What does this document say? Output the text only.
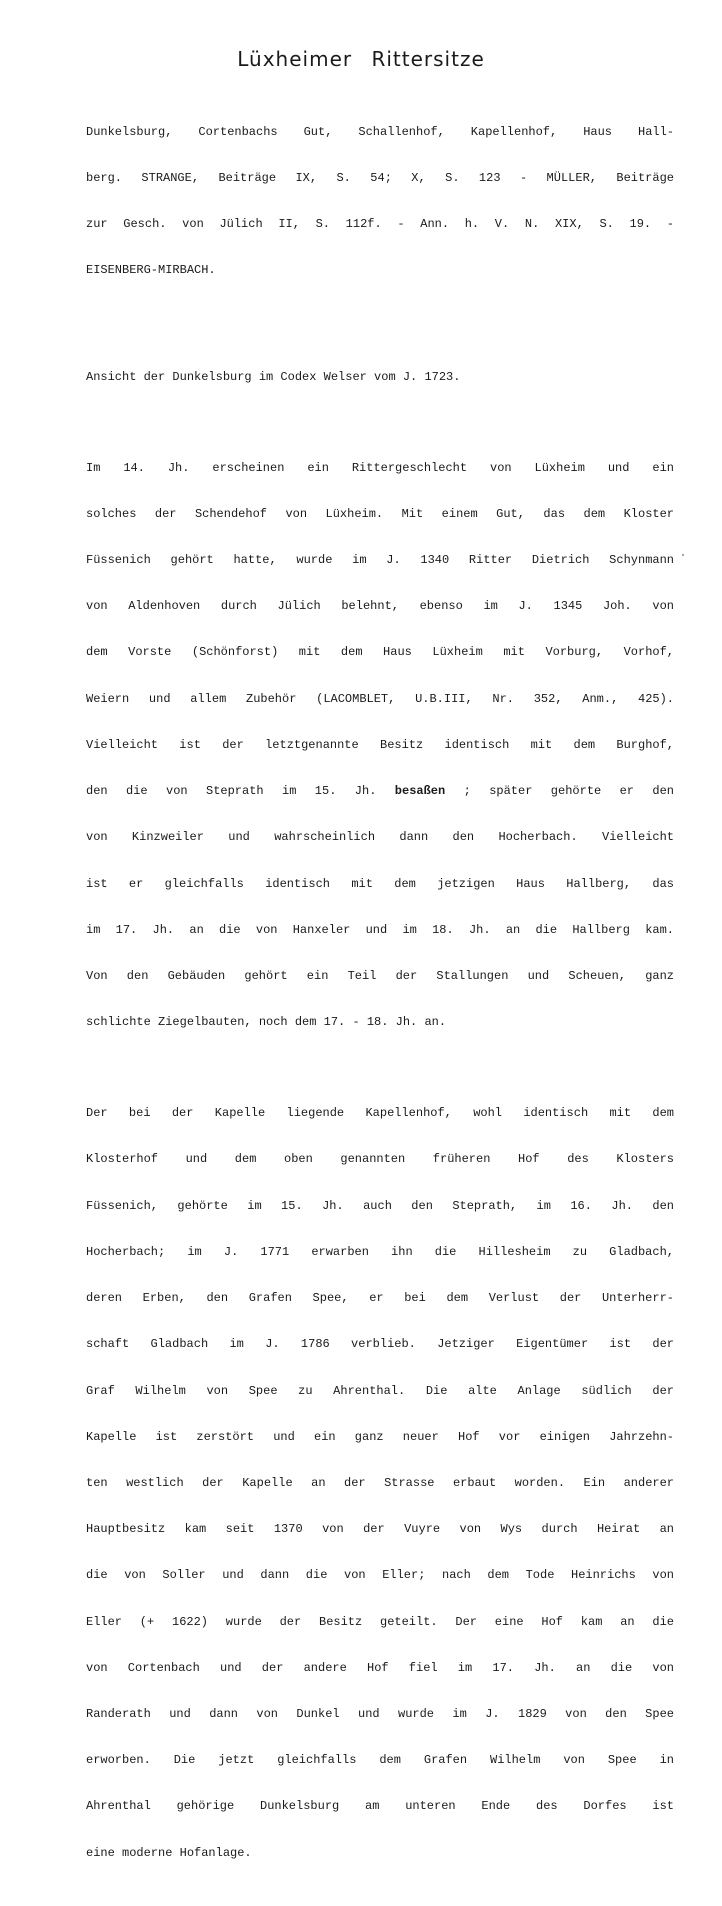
Lüxheimer Rittersitze

Dunkelsburg, Cortenbachs Gut, Schallenhof, Kapellenhof, Haus Hall-

berg. STRANGE, Beiträge IX, S. 54; X, S. 123 - MÜLLER, Beiträge

zur Gesch. von Jülich II, S. 112f. - Ann. h. V. N. XIX, S. 19. -

EISENBERG-MIRBACH.

Ansicht der Dunkelsburg im Codex Welser vom J. 1723.

Im 14. Jh. erscheinen ein Rittergeschlecht von Lüxheim und ein

solches der Schendehof von Lüxheim. Mit einem Gut, das dem Kloster

Füssenich gehört hatte, wurde im J. 1340 Ritter Dietrich Schynmann

von Aldenhoven durch Jülich belehnt, ebenso im J. 1345 Joh. von

dem Vorste (Schönforst) mit dem Haus Lüxheim mit Vorburg, Vorhof,

Weiern und allem Zubehör (LACOMBLET, U.B.III, Nr. 352, Anm., 425).

Vielleicht ist der letztgenannte Besitz identisch mit dem Burghof,

den die von Steprath im 15. Jh. besaßen ; später gehörte er den

von Kinzweiler und wahrscheinlich dann den Hocherbach. Vielleicht

ist er gleichfalls identisch mit dem jetzigen Haus Hallberg, das

im 17. Jh. an die von Hanxeler und im 18. Jh. an die Hallberg kam.

Von den Gebäuden gehört ein Teil der Stallungen und Scheuen, ganz

schlichte Ziegelbauten, noch dem 17. - 18. Jh. an.

Der bei der Kapelle liegende Kapellenhof, wohl identisch mit dem

Klosterhof und dem oben genannten früheren Hof des Klosters

Füssenich, gehörte im 15. Jh. auch den Steprath, im 16. Jh. den

Hocherbach; im J. 1771 erwarben ihn die Hillesheim zu Gladbach,

deren Erben, den Grafen Spee, er bei dem Verlust der Unterherr-

schaft Gladbach im J. 1786 verblieb. Jetziger Eigentümer ist der

Graf Wilhelm von Spee zu Ahrenthal. Die alte Anlage südlich der

Kapelle ist zerstört und ein ganz neuer Hof vor einigen Jahrzehn-

ten westlich der Kapelle an der Strasse erbaut worden. Ein anderer

Hauptbesitz kam seit 1370 von der Vuyre von Wys durch Heirat an

die von Soller und dann die von Eller; nach dem Tode Heinrichs von

Eller (+ 1622) wurde der Besitz geteilt. Der eine Hof kam an die

von Cortenbach und der andere Hof fiel im 17. Jh. an die von

Randerath und dann von Dunkel und wurde im J. 1829 von den Spee

erworben. Die jetzt gleichfalls dem Grafen Wilhelm von Spee in

Ahrenthal gehörige Dunkelsburg am unteren Ende des Dorfes ist

eine moderne Hofanlage.
